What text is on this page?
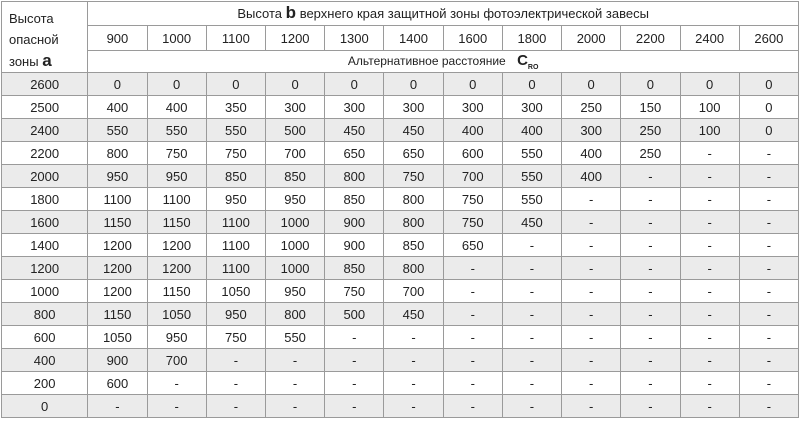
Высота
опасной
зоны a	Высота b верхнего края защитной зоны фотоэлектрической завесы											
	900	1000	1100	1200	1300	1400	1600	1800	2000	2200	2400	2600
	Альтернативное расстояние $C_{RO}$
2600	0	0	0	0	0	0	0	0	0	0	0	0
2500	400	400	350	300	300	300	300	300	250	150	100	0
2400	550	550	550	500	450	450	400	400	300	250	100	0
2200	800	750	750	700	650	650	600	550	400	250	-	-
2000	950	950	850	850	800	750	700	550	400	-	-	-
1800	1100	1100	950	950	850	800	750	550	-	-	-	-
1600	1150	1150	1100	1000	900	800	750	450	-	-	-	-
1400	1200	1200	1100	1000	900	850	650	-	-	-	-	-
1200	1200	1200	1100	1000	850	800	-	-	-	-	-	-
1000	1200	1150	1050	950	750	700	-	-	-	-	-	-
800	1150	1050	950	800	500	450	-	-	-	-	-	-
600	1050	950	750	550	-	-	-	-	-	-	-	-
400	900	700	-	-	-	-	-	-	-	-	-	-
200	600	-	-	-	-	-	-	-	-	-	-	-
0	-	-	-	-	-	-	-	-	-	-	-	-
